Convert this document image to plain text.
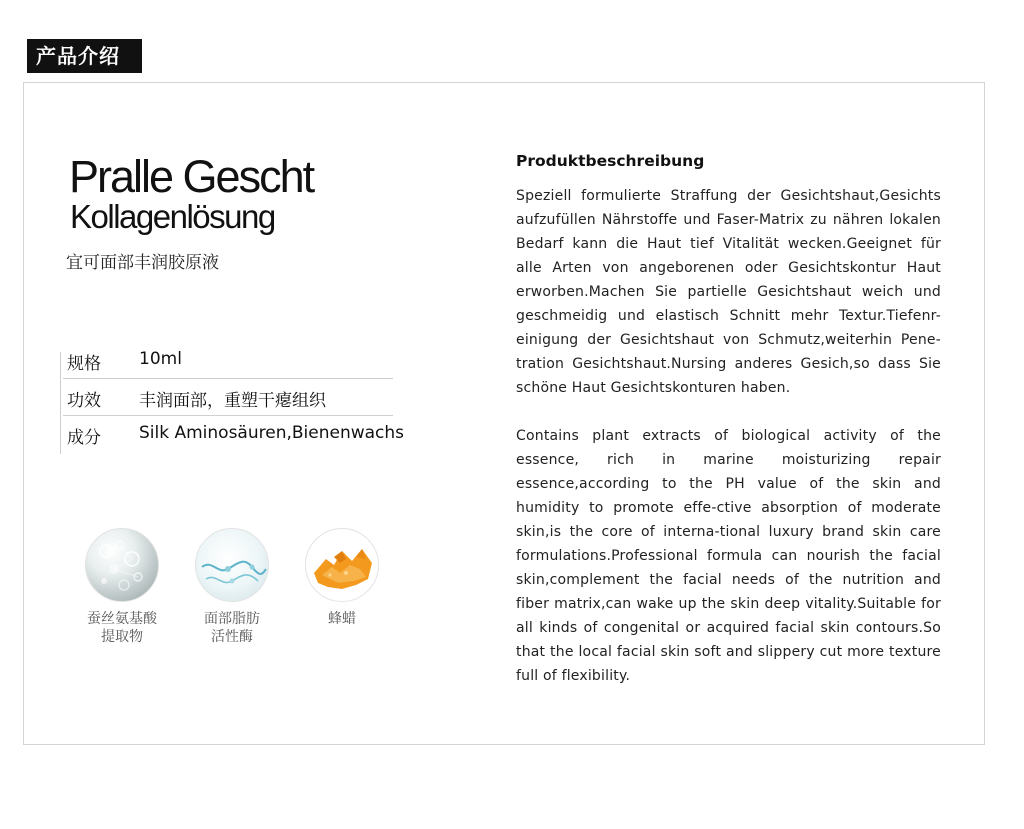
产品介绍
Pralle Gescht
Kollagenlösung
宜可面部丰润胶原液
规格 10ml
功效 丰润面部，重塑干瘪组织
成分 Silk Aminosäuren,Bienenwachs
蚕丝氨基酸
提取物
面部脂肪
活性酶
蜂蜡
Produktbeschreibung

Speziell formulierte Straffung der Gesichtshaut,Gesichts aufzufüllen Nährstoffe und Faser-Matrix zu nähren lokalen Bedarf kann die Haut tief Vitalität wecken.Geeignet für alle Arten von angeborenen oder Gesichtskontur Haut erworben.Machen Sie partielle Gesichtshaut weich und geschmeidig und elastisch Schnitt mehr Textur.Tiefenr-einigung der Gesichtshaut von Schmutz,weiterhin Pene-tration Gesichtshaut.Nursing anderes Gesich,so dass Sie schöne Haut Gesichtskonturen haben.

Contains plant extracts of biological activity of the essence, rich in marine moisturizing repair essence,according to the PH value of the skin and humidity to promote effe-ctive absorption of moderate skin,is the core of interna-tional luxury brand skin care formulations.Professional formula can nourish the facial skin,complement the facial needs of the nutrition and fiber matrix,can wake up the skin deep vitality.Suitable for all kinds of congenital or acquired facial skin contours.So that the local facial skin soft and slippery cut more texture full of flexibility.
